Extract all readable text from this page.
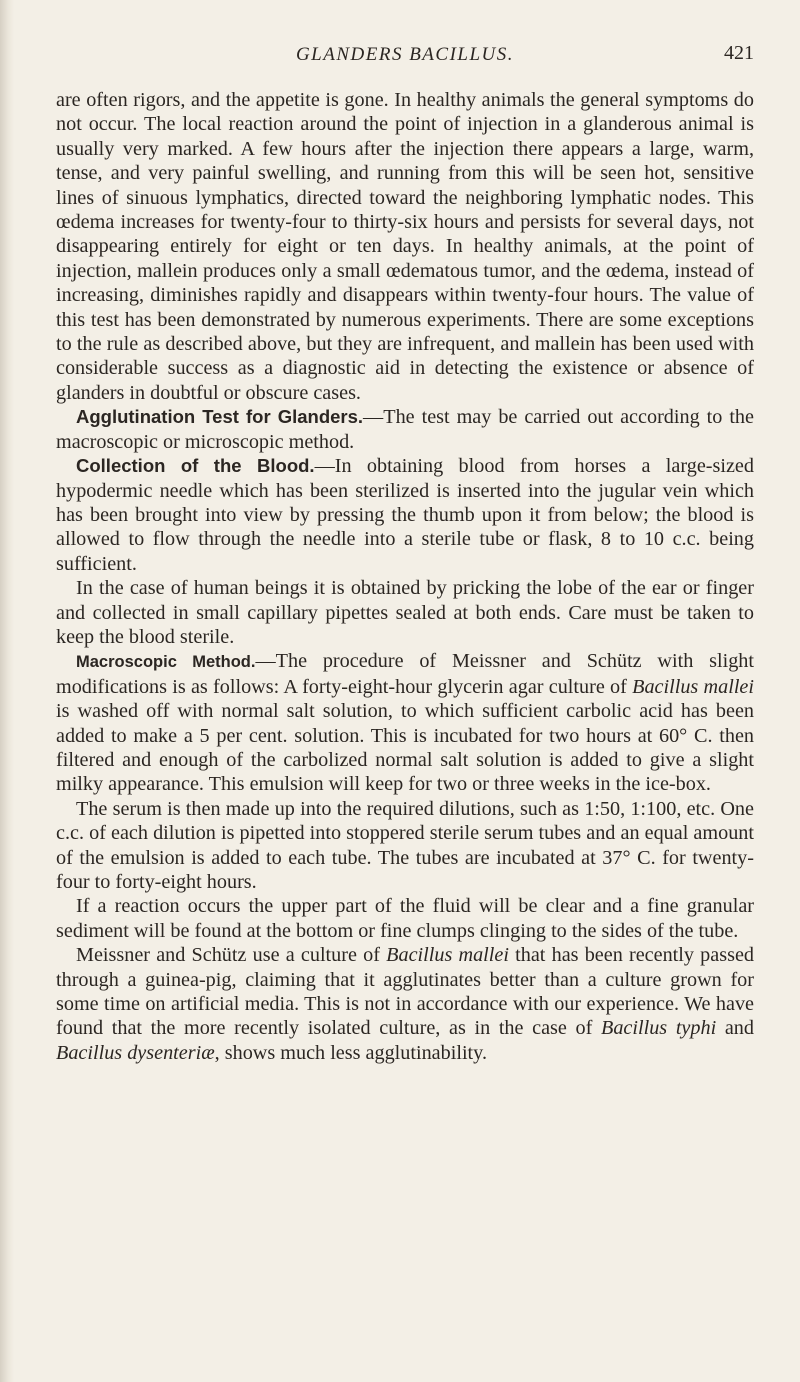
GLANDERS BACILLUS.	421

are often rigors, and the appetite is gone. In healthy animals the general symptoms do not occur. The local reaction around the point of injection in a glanderous animal is usually very marked. A few hours after the injection there appears a large, warm, tense, and very painful swelling, and running from this will be seen hot, sensitive lines of sinuous lymphatics, directed toward the neighboring lymphatic nodes. This œdema increases for twenty-four to thirty-six hours and persists for several days, not disappearing entirely for eight or ten days. In healthy animals, at the point of injection, mallein produces only a small œdematous tumor, and the œdema, instead of increasing, diminishes rapidly and disappears within twenty-four hours. The value of this test has been demonstrated by numerous experiments. There are some exceptions to the rule as described above, but they are infrequent, and mallein has been used with considerable success as a diagnostic aid in detecting the existence or absence of glanders in doubtful or obscure cases.

Agglutination Test for Glanders.—The test may be carried out according to the macroscopic or microscopic method.

Collection of the Blood.—In obtaining blood from horses a large-sized hypodermic needle which has been sterilized is inserted into the jugular vein which has been brought into view by pressing the thumb upon it from below; the blood is allowed to flow through the needle into a sterile tube or flask, 8 to 10 c.c. being sufficient.

In the case of human beings it is obtained by pricking the lobe of the ear or finger and collected in small capillary pipettes sealed at both ends. Care must be taken to keep the blood sterile.

Macroscopic Method.—The procedure of Meissner and Schütz with slight modifications is as follows: A forty-eight-hour glycerin agar culture of Bacillus mallei is washed off with normal salt solution, to which sufficient carbolic acid has been added to make a 5 per cent. solution. This is incubated for two hours at 60° C. then filtered and enough of the carbolized normal salt solution is added to give a slight milky appearance. This emulsion will keep for two or three weeks in the ice-box.

The serum is then made up into the required dilutions, such as 1:50, 1:100, etc. One c.c. of each dilution is pipetted into stoppered sterile serum tubes and an equal amount of the emulsion is added to each tube. The tubes are incubated at 37° C. for twenty-four to forty-eight hours.

If a reaction occurs the upper part of the fluid will be clear and a fine granular sediment will be found at the bottom or fine clumps clinging to the sides of the tube.

Meissner and Schütz use a culture of Bacillus mallei that has been recently passed through a guinea-pig, claiming that it agglutinates better than a culture grown for some time on artificial media. This is not in accordance with our experience. We have found that the more recently isolated culture, as in the case of Bacillus typhi and Bacillus dysenteriæ, shows much less agglutinability.
